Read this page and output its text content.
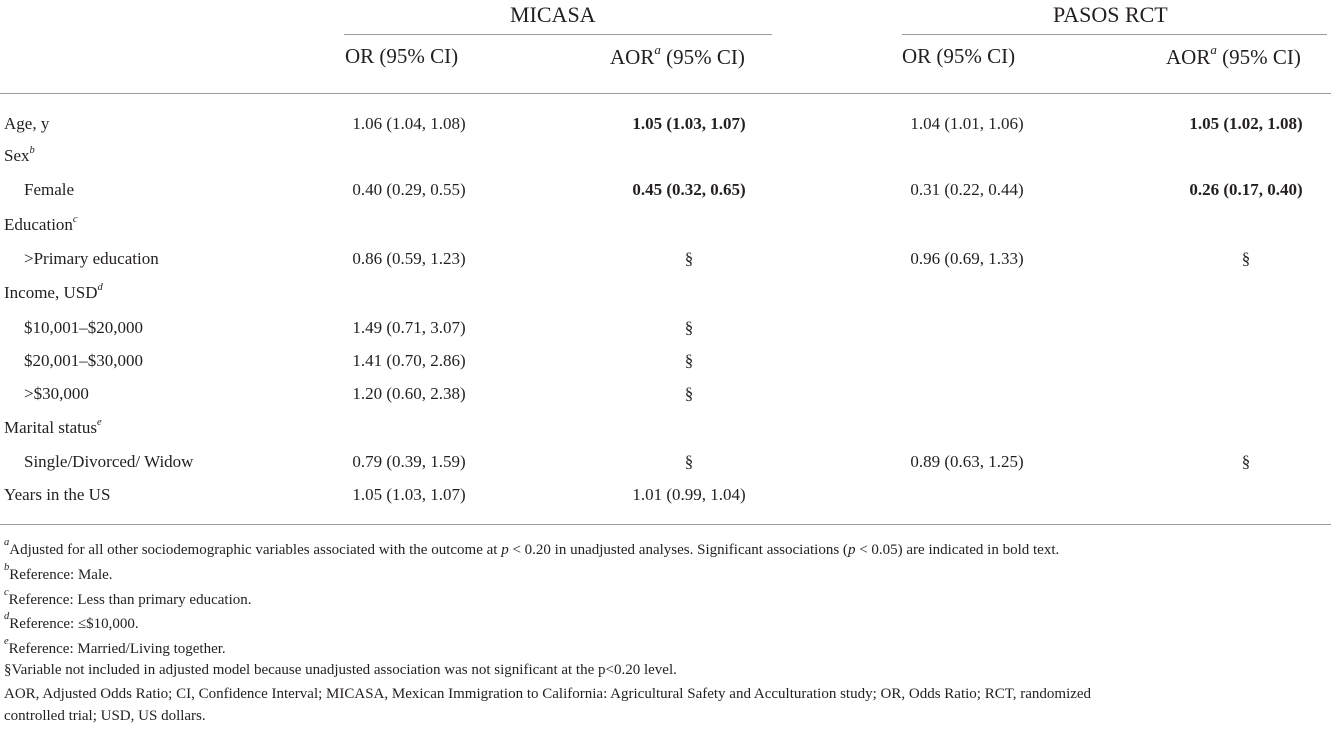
MICASA	PASOS RCT
OR (95% CI)	AOR$^a$ (95% CI)	OR (95% CI)	AOR$^a$ (95% CI)
Age, y	1.06 (1.04, 1.08)	1.05 (1.03, 1.07)	1.04 (1.01, 1.06)	1.05 (1.02, 1.08)
Sex$^b$
Female	0.40 (0.29, 0.55)	0.45 (0.32, 0.65)	0.31 (0.22, 0.44)	0.26 (0.17, 0.40)
Education$^c$
>Primary education	0.86 (0.59, 1.23)	§	0.96 (0.69, 1.33)	§
Income, USD$^d$
$10,001–$20,000	1.49 (0.71, 3.07)	§
$20,001–$30,000	1.41 (0.70, 2.86)	§
>$30,000	1.20 (0.60, 2.38)	§
Marital status$^e$
Single/Divorced/ Widow	0.79 (0.39, 1.59)	§	0.89 (0.63, 1.25)	§
Years in the US	1.05 (1.03, 1.07)	1.01 (0.99, 1.04)
$^a$Adjusted for all other sociodemographic variables associated with the outcome at p < 0.20 in unadjusted analyses. Significant associations (p < 0.05) are indicated in bold text.
$^b$Reference: Male.
$^c$Reference: Less than primary education.
$^d$Reference: ≤$10,000.
$^e$Reference: Married/Living together.
§Variable not included in adjusted model because unadjusted association was not significant at the p<0.20 level.
AOR, Adjusted Odds Ratio; CI, Confidence Interval; MICASA, Mexican Immigration to California: Agricultural Safety and Acculturation study; OR, Odds Ratio; RCT, randomized
controlled trial; USD, US dollars.
